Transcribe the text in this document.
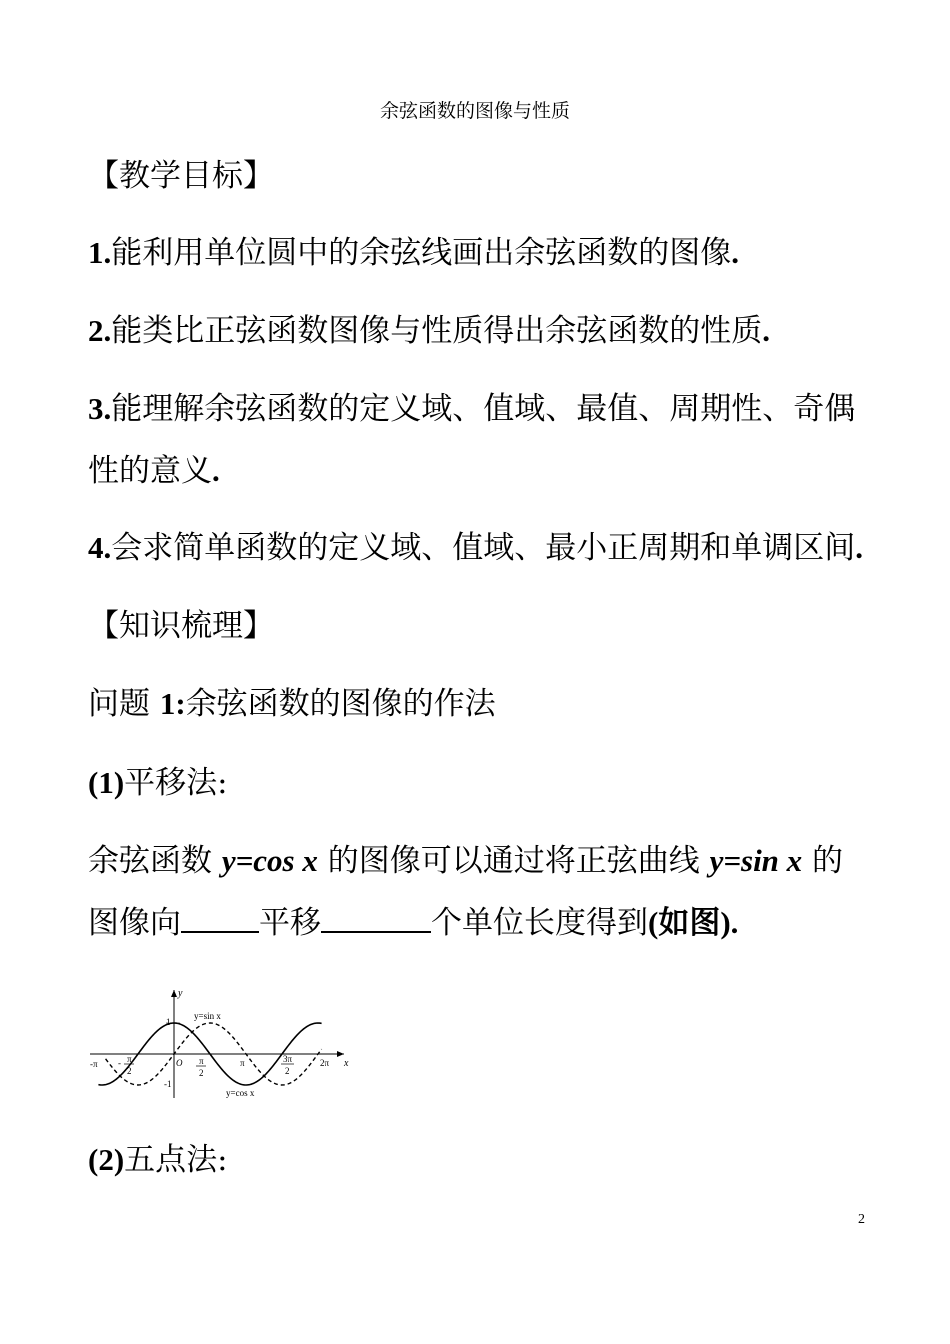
余弦函数的图像与性质
【教学目标】
1.能利用单位圆中的余弦线画出余弦函数的图像.
2.能类比正弦函数图像与性质得出余弦函数的性质.
3.能理解余弦函数的定义域、值域、最值、周期性、奇偶
性的意义.
4.会求简单函数的定义域、值域、最小正周期和单调区间.
【知识梳理】
问题 1:余弦函数的图像的作法
(1)平移法:
余弦函数 y=cos x 的图像可以通过将正弦曲线 y=sin x 的
图像向	平移	个单位长度得到(如图).
y
x
y=sin x
y=cos x
1
-1
O
-π	π
-
2
π
2
π	3π
2
2π
(2)五点法:
2
